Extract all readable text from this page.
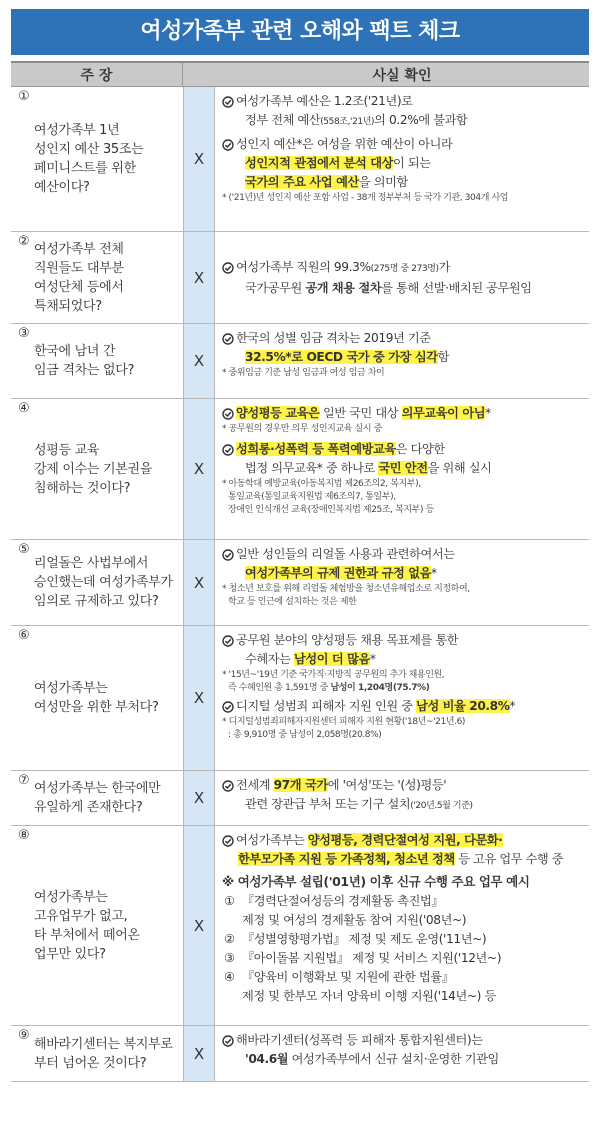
여성가족부 관련 오해와 팩트 체크
주 장	사실 확인
①
여성가족부 1년
성인지 예산 35조는
페미니스트를 위한
예산이다?
X
여성가족부 예산은 1.2조('21년)로
정부 전체 예산(558조,'21년)의 0.2%에 불과함
성인지 예산*은 여성을 위한 예산이 아니라
성인지적 관점에서 분석 대상이 되는
국가의 주요 사업 예산을 의미함
* ('21년)년 성인지 예산 포함 사업 - 38개 정부부처 등 국가 기관, 304개 사업
② 여성가족부 전체
직원들도 대부분
여성단체 등에서
특채되었다?
X
여성가족부 직원의 99.3%(275명 중 273명)가
국가공무원 공개 채용 절차를 통해 선발·배치된 공무원임
③
한국에 남녀 간
임금 격차는 없다?
X
한국의 성별 임금 격차는 2019년 기준
32.5%*로 OECD 국가 중 가장 심각함
* 중위임금 기준 남성 임금과 여성 임금 차이
④
성평등 교육
강제 이수는 기본권을
침해하는 것이다?
X
양성평등 교육은 일반 국민 대상 의무교육이 아님*
* 공무원의 경우만 의무 성인지교육 실시 중
성희롱·성폭력 등 폭력예방교육은 다양한
법정 의무교육* 중 하나로 국민 안전을 위해 실시
* 아동학대 예방교육(아동복지법 제26조의2, 복지부),
통일교육(통일교육지원법 제6조의7, 통일부),
장애인 인식개선 교육(장애인복지법 제25조, 복지부) 등
⑤
리얼돌은 사법부에서
승인했는데 여성가족부가
임의로 규제하고 있다?
X
일반 성인들의 리얼돌 사용과 관련하여서는
여성가족부의 규제 권한과 규정 없음*
* 청소년 보호를 위해 리얼돌 체험방을 청소년유해업소로 지정하여,
학교 등 인근에 설치하는 것은 제한
⑥
여성가족부는
여성만을 위한 부처다?
X
공무원 분야의 양성평등 채용 목표제를 통한
수혜자는 남성이 더 많음*
* '15년~'19년 기준 국가직·지방직 공무원의 추가 채용인원,
즉 수혜인원 총 1,591명 중 남성이 1,204명(75.7%)
디지털 성범죄 피해자 지원 인원 중 남성 비율 20.8%*
* 디지털성범죄피해자지원센터 피해자 지원 현황('18년~'21년.6)
: 총 9,910명 중 남성이 2,058명(20.8%)
⑦
여성가족부는 한국에만
유일하게 존재한다?
X
전세계 97개 국가에 '여성'또는 '(성)평등'
관련 장관급 부처 또는 기구 설치('20년.5월 기준)
⑧
여성가족부는
고유업무가 없고,
타 부처에서 떼어온
업무만 있다?
X
여성가족부는 양성평등, 경력단절여성 지원, 다문화·
한부모가족 지원 등 가족정책, 청소년 정책 등 고유 업무 수행 중
※ 여성가족부 설립('01년) 이후 신규 수행 주요 업무 예시
① 『경력단절여성등의 경제활동 촉진법』
제정 및 여성의 경제활동 참여 지원('08년~)
② 『성별영향평가법』 제정 및 제도 운영('11년~)
③ 『아이돌봄 지원법』 제정 및 서비스 지원('12년~)
④ 『양육비 이행확보 및 지원에 관한 법률』
제정 및 한부모 자녀 양육비 이행 지원('14년~) 등
⑨
해바라기센터는 복지부로
부터 넘어온 것이다?
X
해바라기센터(성폭력 등 피해자 통합지원센터)는
'04.6월 여성가족부에서 신규 설치·운영한 기관임
